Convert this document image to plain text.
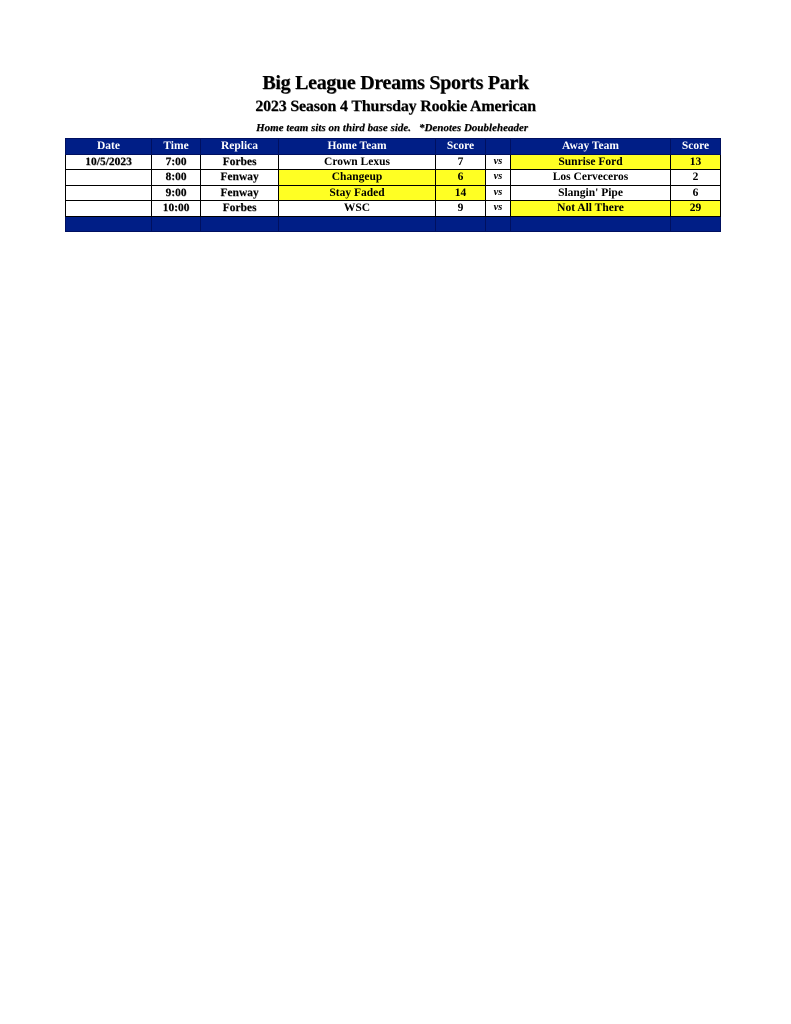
Big League Dreams Sports Park
2023 Season 4 Thursday Rookie American
Home team sits on third base side. *Denotes Doubleheader
Date	Time	Replica	Home Team	Score		Away Team	Score
10/5/2023	7:00	Forbes	Crown Lexus	7	vs	Sunrise Ford	13
	8:00	Fenway	Changeup	6	vs	Los Cerveceros	2
	9:00	Fenway	Stay Faded	14	vs	Slangin' Pipe	6
	10:00	Forbes	WSC	9	vs	Not All There	29
